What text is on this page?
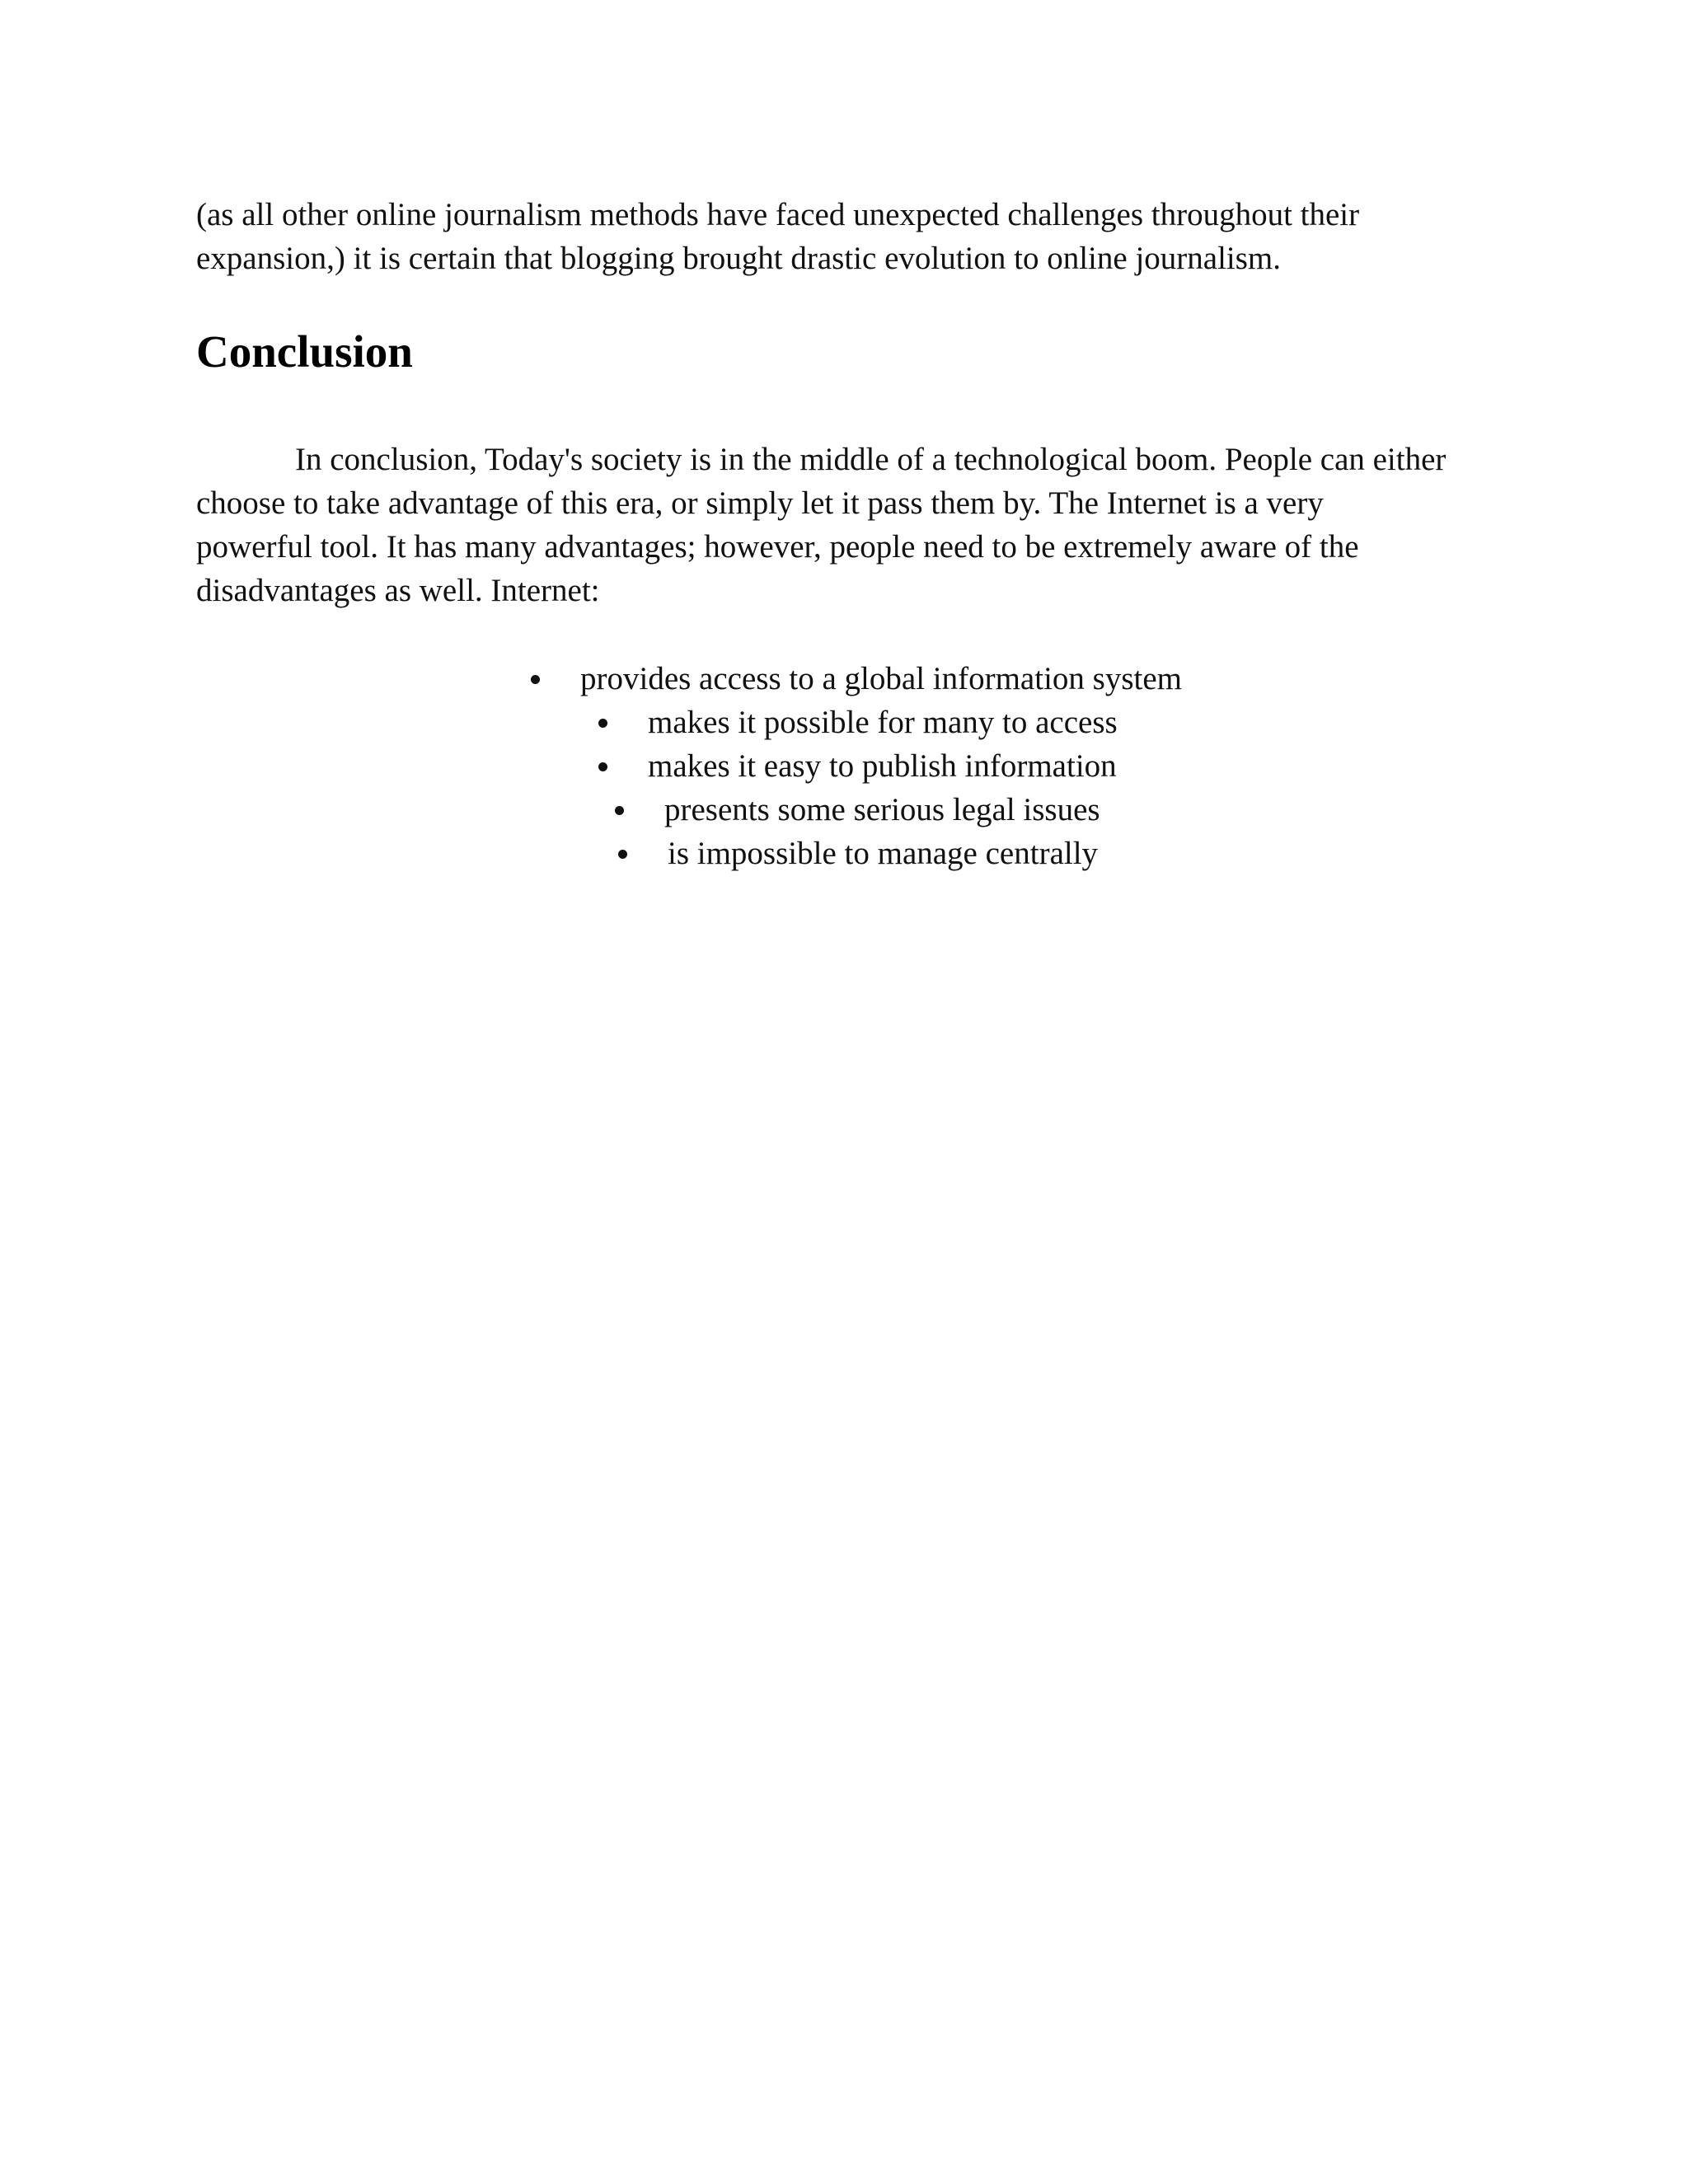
(as all other online journalism methods have faced unexpected challenges throughout their
expansion,) it is certain that blogging brought drastic evolution to online journalism.

Conclusion

In conclusion, Today's society is in the middle of a technological boom. People can either
choose to take advantage of this era, or simply let it pass them by. The Internet is a very
powerful tool. It has many advantages; however, people need to be extremely aware of the
disadvantages as well. Internet:

provides access to a global information system
makes it possible for many to access
makes it easy to publish information
presents some serious legal issues
is impossible to manage centrally
